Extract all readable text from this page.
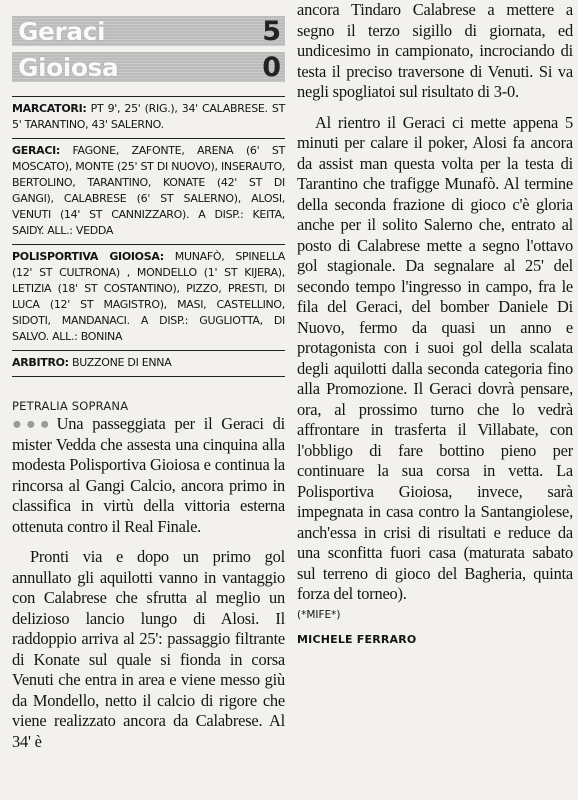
Geraci	5
Gioiosa	0
MARCATORI: PT 9', 25' (RIG.), 34' CALABRESE. ST 5' TARANTINO, 43' SALERNO.
GERACI: FAGONE, ZAFONTE, ARENA (6' ST MOSCATO), MONTE (25' ST DI NUOVO), INSERAUTO, BERTOLINO, TARANTINO, KONATE (42' ST DI GANGI), CALABRESE (6' ST SALERNO), ALOSI, VENUTI (14' ST CANNIZZARO). A DISP.: KEITA, SAIDY. ALL.: VEDDA
POLISPORTIVA GIOIOSA: MUNAFÒ, SPINELLA (12' ST CULTRONA) , MONDELLO (1' ST KIJERA), LETIZIA (18' ST COSTANTINO), PIZZO, PRESTI, DI LUCA (12' ST MAGISTRO), MASI, CASTELLINO, SIDOTI, MANDANACI. A DISP.: GUGLIOTTA, DI SALVO. ALL.: BONINA
ARBITRO: BUZZONE DI ENNA
PETRALIA SOPRANA

●●● Una passeggiata per il Geraci di mister Vedda che assesta una cinquina alla modesta Polisportiva Gioiosa e continua la rincorsa al Gangi Calcio, ancora primo in classifica in virtù della vittoria esterna ottenuta contro il Real Finale.

Pronti via e dopo un primo gol annullato gli aquilotti vanno in vantaggio con Calabrese che sfrutta al meglio un delizioso lancio lungo di Alosi. Il raddoppio arriva al 25': passaggio filtrante di Konate sul quale si fionda in corsa Venuti che entra in area e viene messo giù da Mondello, netto il calcio di rigore che viene realizzato ancora da Calabrese. Al 34' è

ancora Tindaro Calabrese a mettere a segno il terzo sigillo di giornata, ed undicesimo in campionato, incrociando di testa il preciso traversone di Venuti. Si va negli spogliatoi sul risultato di 3-0.

Al rientro il Geraci ci mette appena 5 minuti per calare il poker, Alosi fa ancora da assist man questa volta per la testa di Tarantino che trafigge Munafò. Al termine della seconda frazione di gioco c'è gloria anche per il solito Salerno che, entrato al posto di Calabrese mette a segno l'ottavo gol stagionale. Da segnalare al 25' del secondo tempo l'ingresso in campo, fra le fila del Geraci, del bomber Daniele Di Nuovo, fermo da quasi un anno e protagonista con i suoi gol della scalata degli aquilotti dalla seconda categoria fino alla Promozione. Il Geraci dovrà pensare, ora, al prossimo turno che lo vedrà affrontare in trasferta il Villabate, con l'obbligo di fare bottino pieno per continuare la sua corsa in vetta. La Polisportiva Gioiosa, invece, sarà impegnata in casa contro la Santangiolese, anch'essa in crisi di risultati e reduce da una sconfitta fuori casa (maturata sabato sul terreno di gioco del Bagheria, quinta forza del torneo).

(*MIFE*)
MICHELE FERRARO
